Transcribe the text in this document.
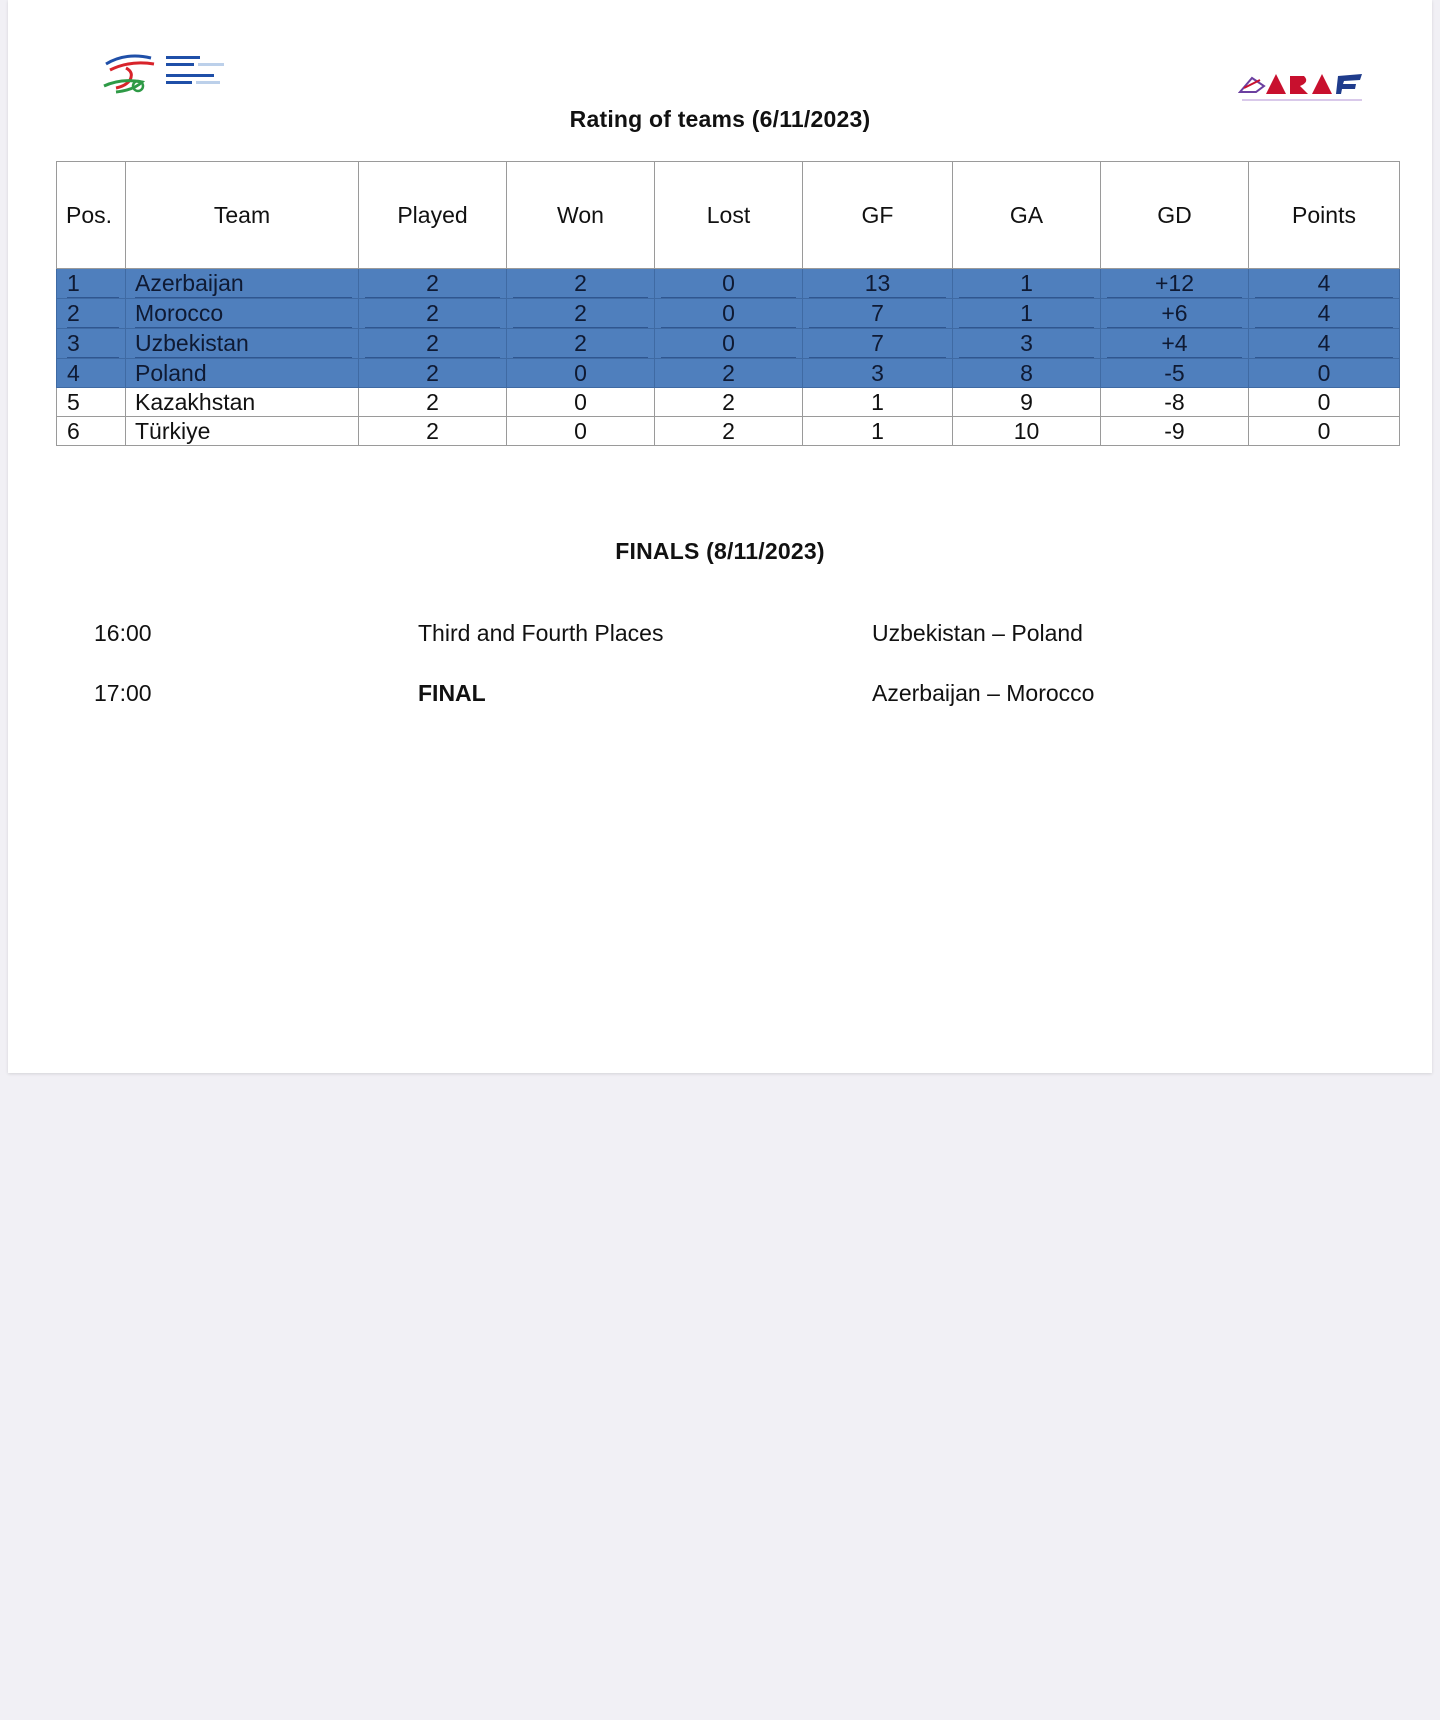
Rating of teams (6/11/2023)
Pos.	Team	Played	Won	Lost	GF	GA	GD	Points

1	Azerbaijan	2	2	0	13	1	+12	4

2	Morocco	2	2	0	7	1	+6	4

3	Uzbekistan	2	2	0	7	3	+4	4

4	Poland	2	0	2	3	8	-5	0
5	Kazakhstan	2	0	2	1	9	-8	0
6	Türkiye	2	0	2	1	10	-9	0
FINALS (8/11/2023)
16:00	Third and Fourth Places	Uzbekistan – Poland
17:00	FINAL	Azerbaijan – Morocco
